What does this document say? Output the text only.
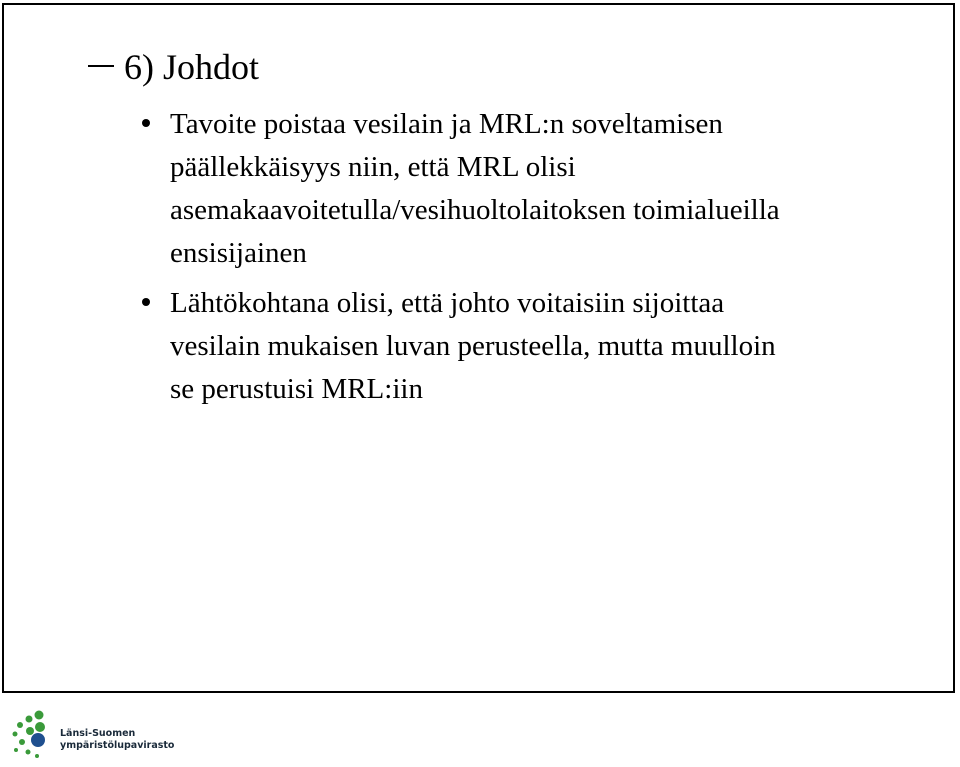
6) Johdot
Tavoite poistaa vesilain ja MRL:n soveltamisen
päällekkäisyys niin, että MRL olisi
asemakaavoitetulla/vesihuoltolaitoksen toimialueilla
ensisijainen
Lähtökohtana olisi, että johto voitaisiin sijoittaa
vesilain mukaisen luvan perusteella, mutta muulloin
se perustuisi MRL:iin
Länsi-Suomen
ympäristölupavirasto
